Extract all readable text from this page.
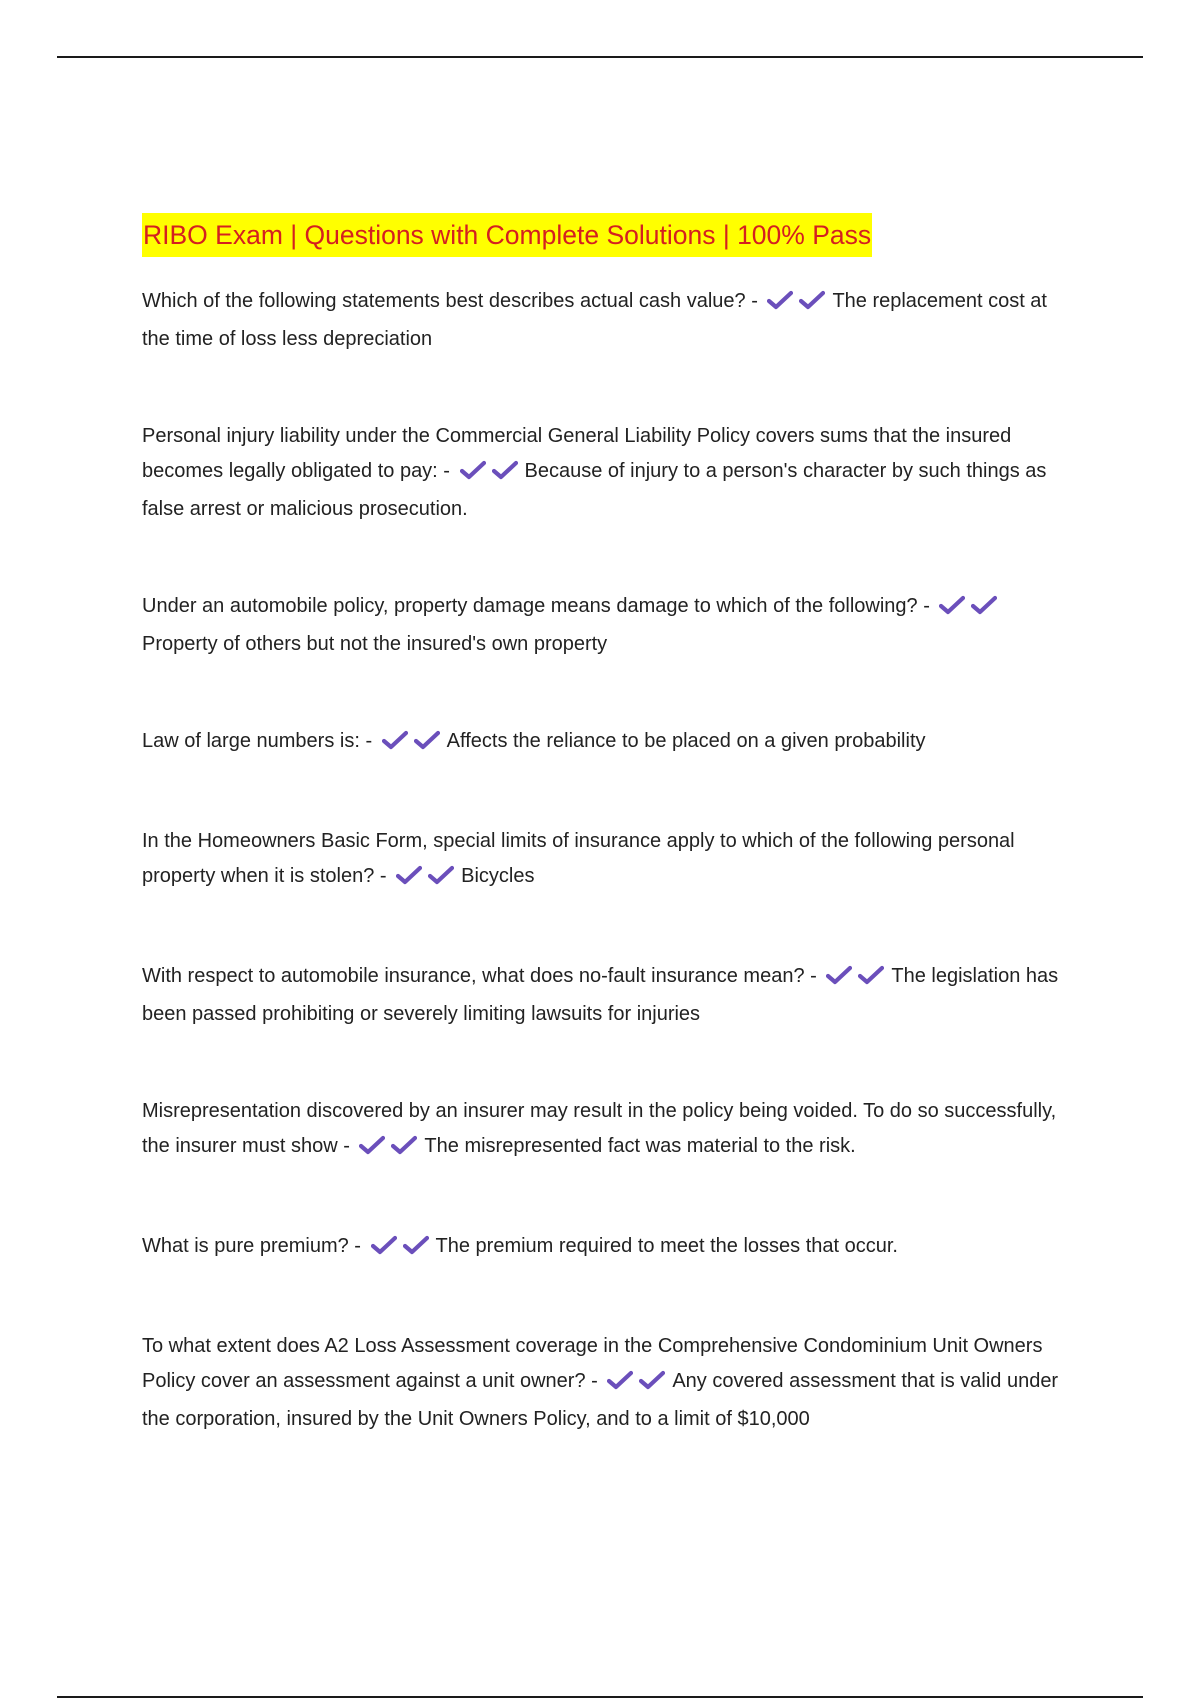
RIBO Exam | Questions with Complete Solutions | 100% Pass

Which of the following statements best describes actual cash value? -	The replacement cost at the time of loss less depreciation

Personal injury liability under the Commercial General Liability Policy covers sums that the insured becomes legally obligated to pay: -	Because of injury to a person's character by such things as false arrest or malicious prosecution.

Under an automobile policy, property damage means damage to which of the following? -
Property of others but not the insured's own property

Law of large numbers is: -	Affects the reliance to be placed on a given probability

In the Homeowners Basic Form, special limits of insurance apply to which of the following personal property when it is stolen? -	Bicycles

With respect to automobile insurance, what does no-fault insurance mean? -	The legislation has been passed prohibiting or severely limiting lawsuits for injuries

Misrepresentation discovered by an insurer may result in the policy being voided. To do so successfully, the insurer must show -	The misrepresented fact was material to the risk.

What is pure premium? -	The premium required to meet the losses that occur.

To what extent does A2 Loss Assessment coverage in the Comprehensive Condominium Unit Owners Policy cover an assessment against a unit owner? -	Any covered assessment that is valid under the corporation, insured by the Unit Owners Policy, and to a limit of $10,000
